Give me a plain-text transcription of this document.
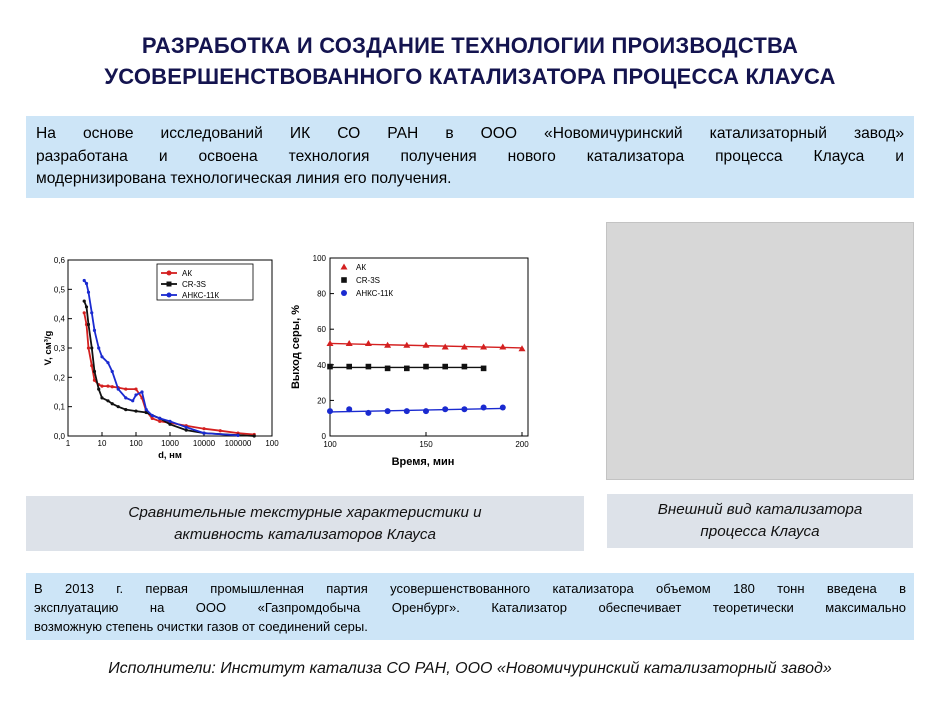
РАЗРАБОТКА И СОЗДАНИЕ ТЕХНОЛОГИИ ПРОИЗВОДСТВА
УСОВЕРШЕНСТВОВАННОГО КАТАЛИЗАТОРА ПРОЦЕССА КЛАУСА
На основе исследований ИК СО РАН в ООО «Новомичуринский катализаторный завод»
разработана и освоена технология получения нового катализатора процесса Клауса и
модернизирована технологическая линия его получения.
0,0
0,1
0,2
0,3
0,4
0,5
0,6
1	10	100 1000 10000 100000 100
d, нм
V, см³/g
АК
CR-3S
АНКС-11К
0
20
40
60
80
100
100	150	200
Время, мин
Выход серы, %
АК
CR-3S
АНКС-11К
Сравнительные текстурные характеристики и
активность катализаторов Клауса
Внешний вид катализатора
процесса Клауса
В 2013 г. первая промышленная партия усовершенствованного катализатора объемом 180 тонн введена в
эксплуатацию на ООО «Газпромдобыча Оренбург». Катализатор обеспечивает теоретически максимально
возможную степень очистки газов от соединений серы.
Исполнители: Институт катализа СО РАН, ООО «Новомичуринский катализаторный завод»
